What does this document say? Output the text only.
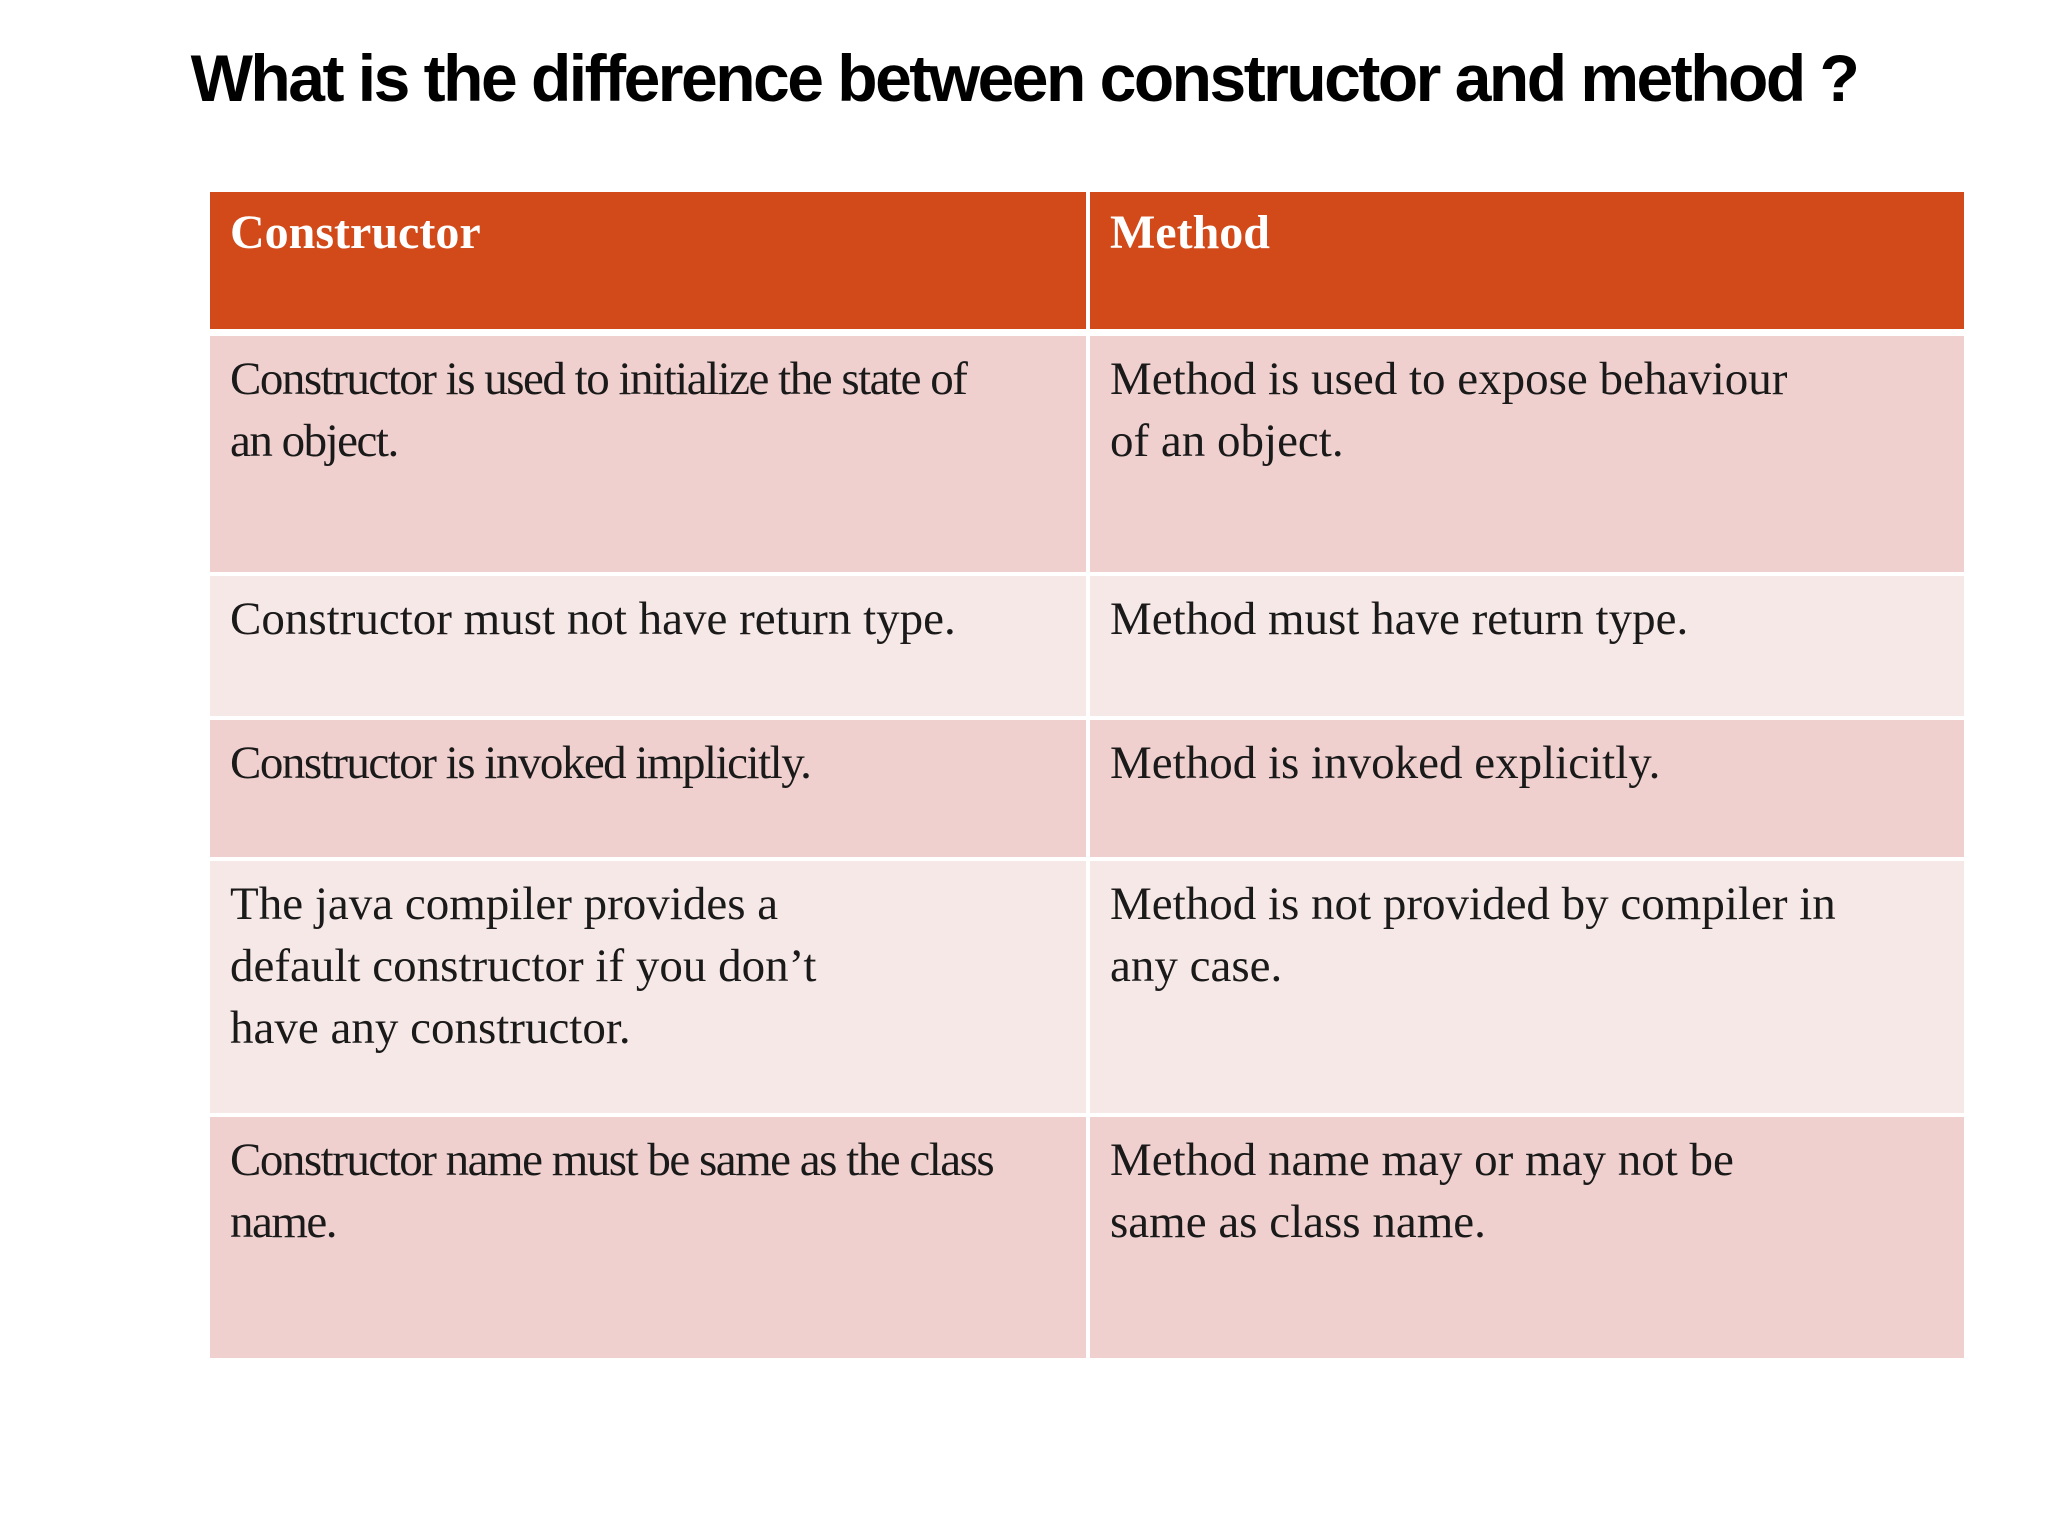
What is the difference between constructor and method ?
Constructor	Method

Constructor is used to initialize the state of
an object.	Method is used to expose behaviour
of an object.

Constructor must not have return type.	Method must have return type.

Constructor is invoked implicitly.	Method is invoked explicitly.

The java compiler provides a
default constructor if you don’t
have any constructor.	Method is not provided by compiler in
any case.

Constructor name must be same as the class
name.	Method name may or may not be
same as class name.
